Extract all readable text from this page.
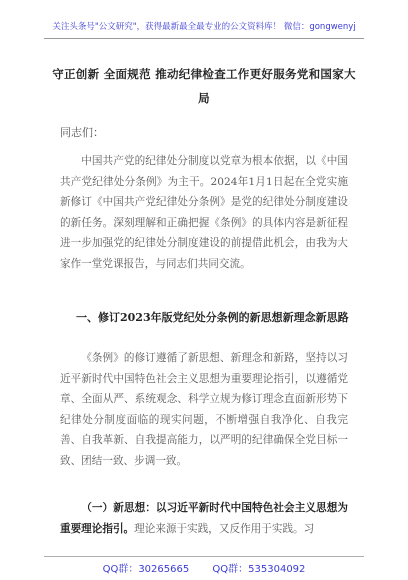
关注头条号"公文研究"，获得最新最全最专业的公文资料库！ 微信：gongwenyj
守正创新 全面规范 推动纪律检查工作更好服务党和国家大局
同志们：

中国共产党的纪律处分制度以党章为根本依据，以《中国共产党纪律处分条例》为主干。2024年1月1日起在全党实施新修订《中国共产党纪律处分条例》是党的纪律处分制度建设的新任务。深刻理解和正确把握《条例》的具体内容是新征程进一步加强党的纪律处分制度建设的前提借此机会，由我为大家作一堂党课报告，与同志们共同交流。

一、修订2023年版党纪处分条例的新思想新理念新思路

《条例》的修订遵循了新思想、新理念和新路，坚持以习近平新时代中国特色社会主义思想为重要理论指引，以遵循党章、全面从严、系统观念、科学立规为修订理念直面新形势下纪律处分制度面临的现实问题，不断增强自我净化、自我完善、自我革新、自我提高能力，以严明的纪律确保全党目标一致、团结一致、步调一致。

（一）新思想：以习近平新时代中国特色社会主义思想为重要理论指引。理论来源于实践，又反作用于实践。习

QQ群：30265665 QQ群：535304092
